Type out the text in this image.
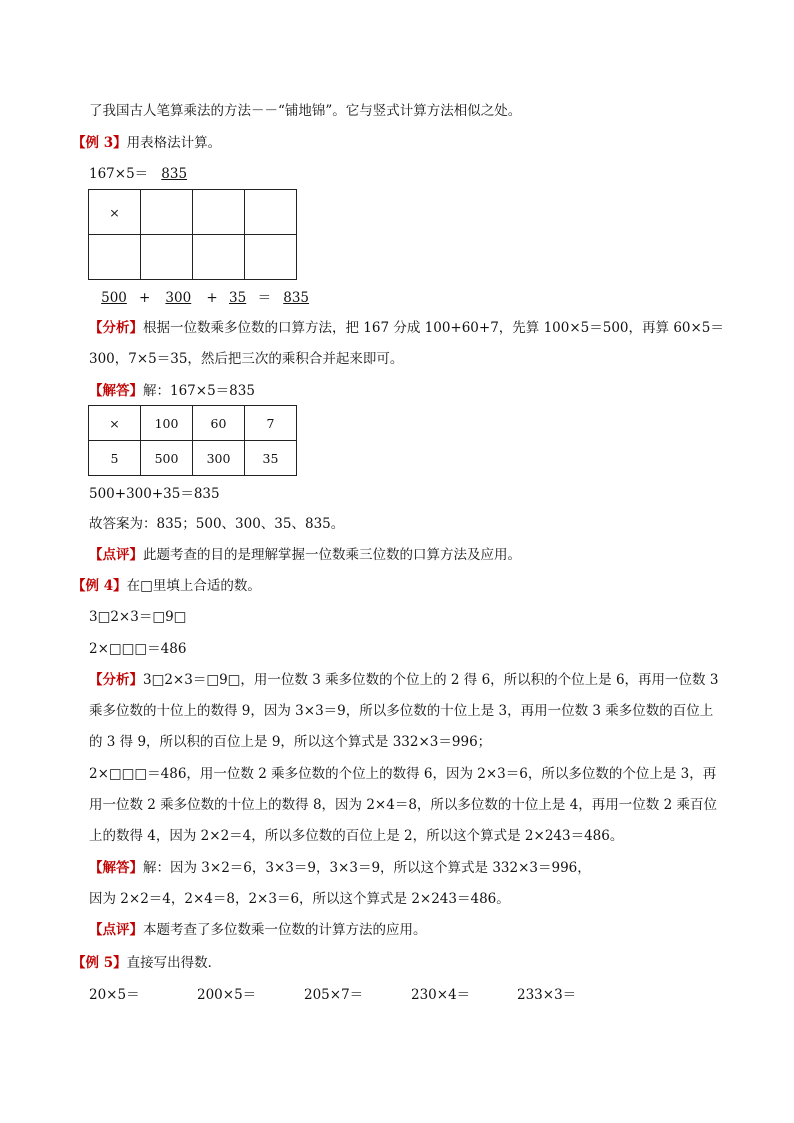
了我国古人笔算乘法的方法－－“铺地锦”。它与竖式计算方法相似之处。
【例 3】用表格法计算。
167×5＝ 835
×			

500 + 300 + 35 ＝ 835
【分析】根据一位数乘多位数的口算方法，把 167 分成 100+60+7，先算 100×5＝500，再算 60×5＝
300，7×5＝35，然后把三次的乘积合并起来即可。
【解答】解：167×5＝835
×	100	60	7
5	500	300	35
500+300+35＝835
故答案为：835；500、300、35、835。
【点评】此题考查的目的是理解掌握一位数乘三位数的口算方法及应用。
【例 4】在□里填上合适的数。
3□2×3＝□9□
2×□□□＝486
【分析】3□2×3＝□9□，用一位数 3 乘多位数的个位上的 2 得 6，所以积的个位上是 6，再用一位数 3
乘多位数的十位上的数得 9，因为 3×3＝9，所以多位数的十位上是 3，再用一位数 3 乘多位数的百位上
的 3 得 9，所以积的百位上是 9，所以这个算式是 332×3＝996；
2×□□□＝486，用一位数 2 乘多位数的个位上的数得 6，因为 2×3＝6，所以多位数的个位上是 3，再
用一位数 2 乘多位数的十位上的数得 8，因为 2×4＝8，所以多位数的十位上是 4，再用一位数 2 乘百位
上的数得 4，因为 2×2＝4，所以多位数的百位上是 2，所以这个算式是 2×243＝486。
【解答】解：因为 3×2＝6，3×3＝9，3×3＝9，所以这个算式是 332×3＝996，
因为 2×2＝4，2×4＝8，2×3＝6，所以这个算式是 2×243＝486。
【点评】本题考查了多位数乘一位数的计算方法的应用。
【例 5】直接写出得数．
20×5＝	200×5＝	205×7＝	230×4＝	233×3＝
